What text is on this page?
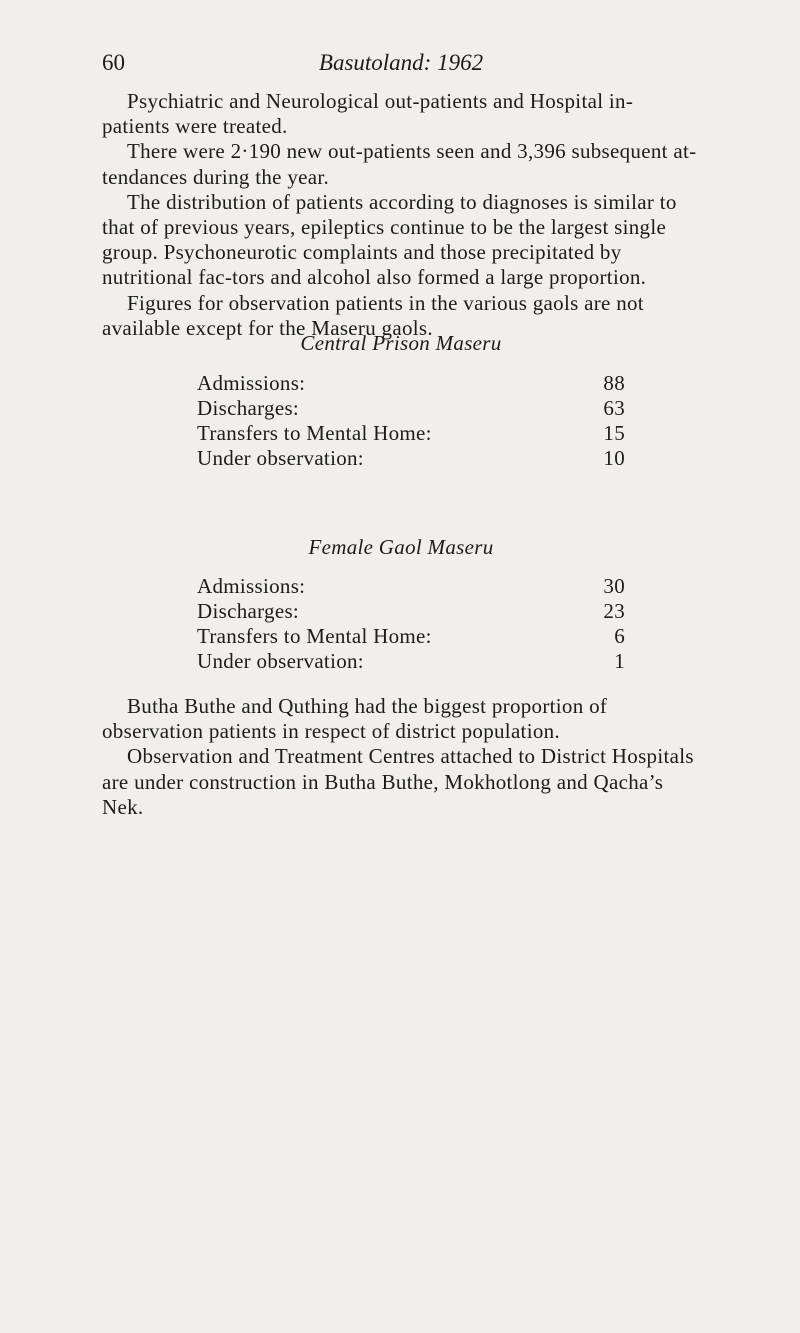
60	Basutoland: 1962

Psychiatric and Neurological out-patients and Hospital in-patients were treated.

There were 2·190 new out-patients seen and 3,396 subsequent at-tendances during the year.

The distribution of patients according to diagnoses is similar to that of previous years, epileptics continue to be the largest single group. Psychoneurotic complaints and those precipitated by nutritional fac-tors and alcohol also formed a large proportion.

Figures for observation patients in the various gaols are not available except for the Maseru gaols.

Central Prison Maseru
Admissions:	88
Discharges:	63
Transfers to Mental Home:	15
Under observation:	10
Female Gaol Maseru
Admissions:	30
Discharges:	23
Transfers to Mental Home:	6
Under observation:	1

Butha Buthe and Quthing had the biggest proportion of observation patients in respect of district population.

Observation and Treatment Centres attached to District Hospitals are under construction in Butha Buthe, Mokhotlong and Qacha’s Nek.
